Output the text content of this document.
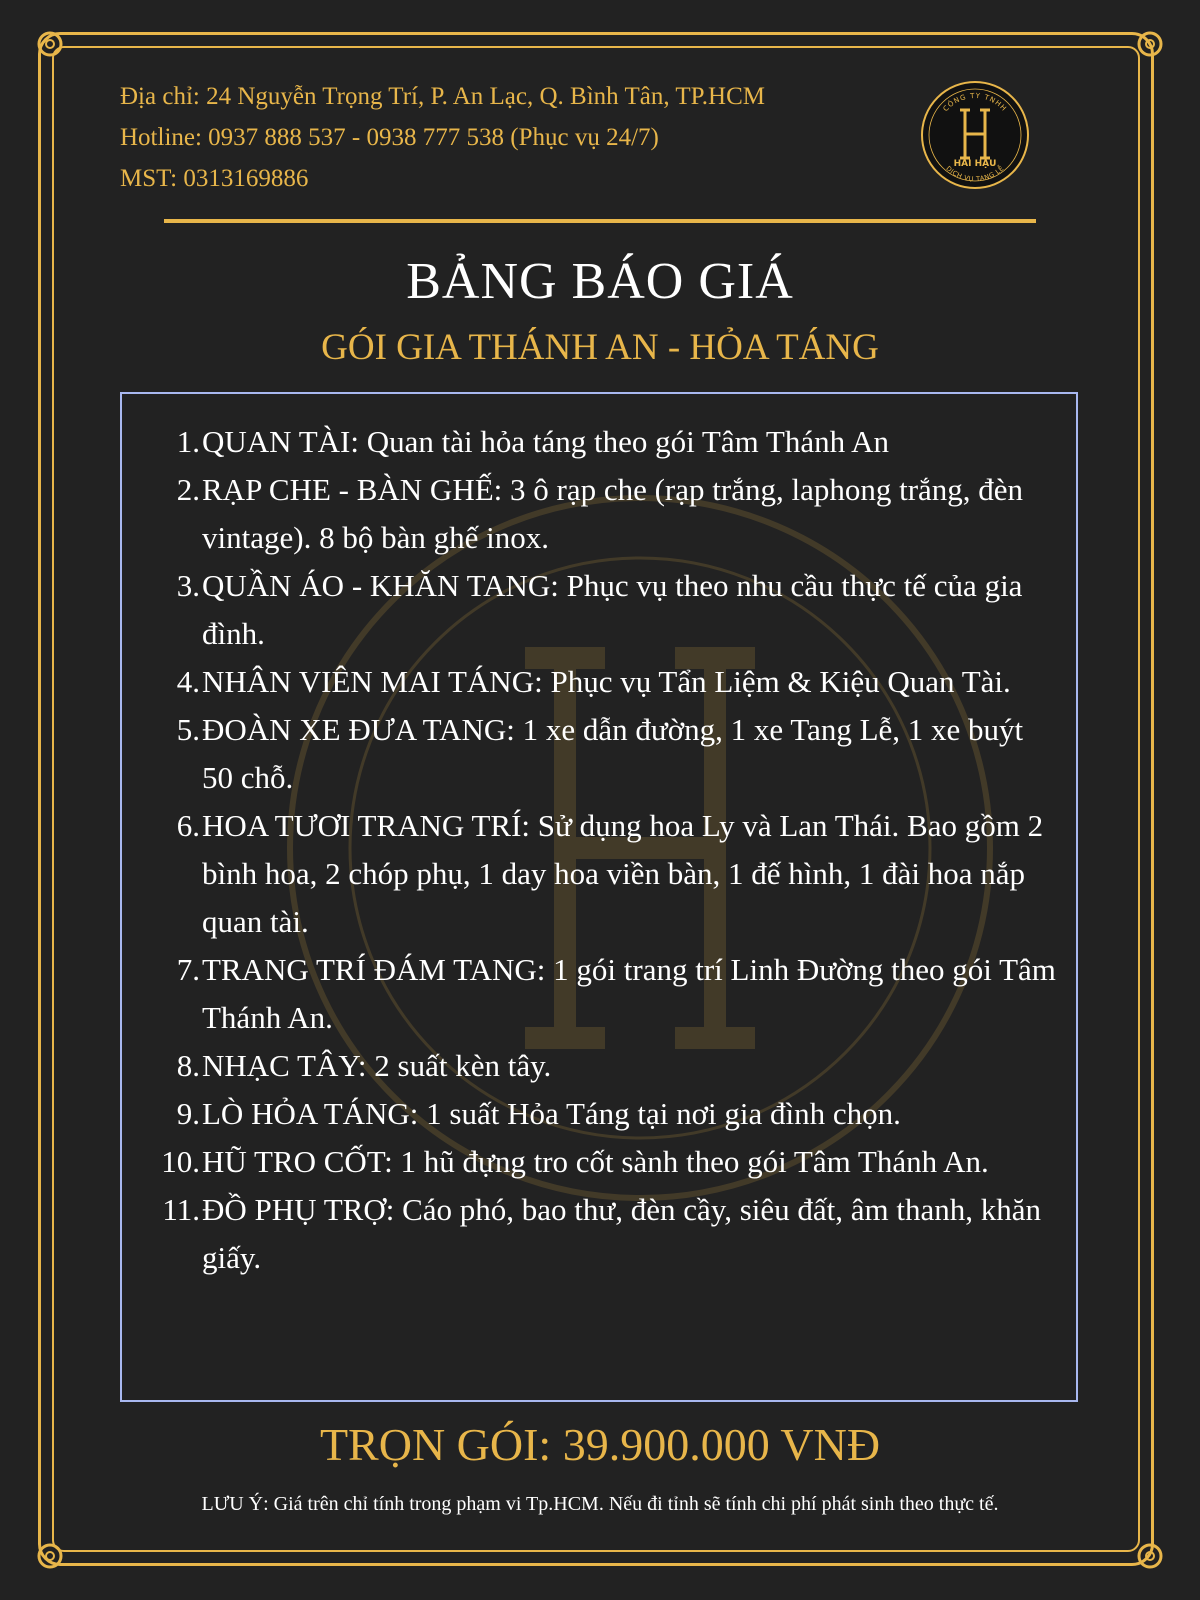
Địa chỉ: 24 Nguyễn Trọng Trí, P. An Lạc, Q. Bình Tân, TP.HCM
Hotline: 0937 888 537 - 0938 777 538 (Phục vụ 24/7)
MST: 0313169886
CÔNG TY TNHH
HAI HẬU
DỊCH VỤ TANG LỄ
BẢNG BÁO GIÁ
GÓI GIA THÁNH AN - HỎA TÁNG
1. QUAN TÀI: Quan tài hỏa táng theo gói Tâm Thánh An
2. RẠP CHE - BÀN GHẾ: 3 ô rạp che (rạp trắng, laphong trắng, đèn vintage). 8 bộ bàn ghế inox.
3. QUẦN ÁO - KHĂN TANG: Phục vụ theo nhu cầu thực tế của gia đình.
4. NHÂN VIÊN MAI TÁNG: Phục vụ Tẩn Liệm & Kiệu Quan Tài.
5. ĐOÀN XE ĐƯA TANG: 1 xe dẫn đường, 1 xe Tang Lễ, 1 xe buýt 50 chỗ.
6. HOA TƯƠI TRANG TRÍ: Sử dụng hoa Ly và Lan Thái. Bao gồm 2 bình hoa, 2 chóp phụ, 1 day hoa viền bàn, 1 đế hình, 1 đài hoa nắp quan tài.
7. TRANG TRÍ ĐÁM TANG: 1 gói trang trí Linh Đường theo gói Tâm Thánh An.
8. NHẠC TÂY: 2 suất kèn tây.
9. LÒ HỎA TÁNG: 1 suất Hỏa Táng tại nơi gia đình chọn.
10. HŨ TRO CỐT: 1 hũ đựng tro cốt sành theo gói Tâm Thánh An.
11. ĐỒ PHỤ TRỢ: Cáo phó, bao thư, đèn cầy, siêu đất, âm thanh, khăn giấy.
TRỌN GÓI: 39.900.000 VNĐ
LƯU Ý: Giá trên chỉ tính trong phạm vi Tp.HCM. Nếu đi tỉnh sẽ tính chi phí phát sinh theo thực tế.
